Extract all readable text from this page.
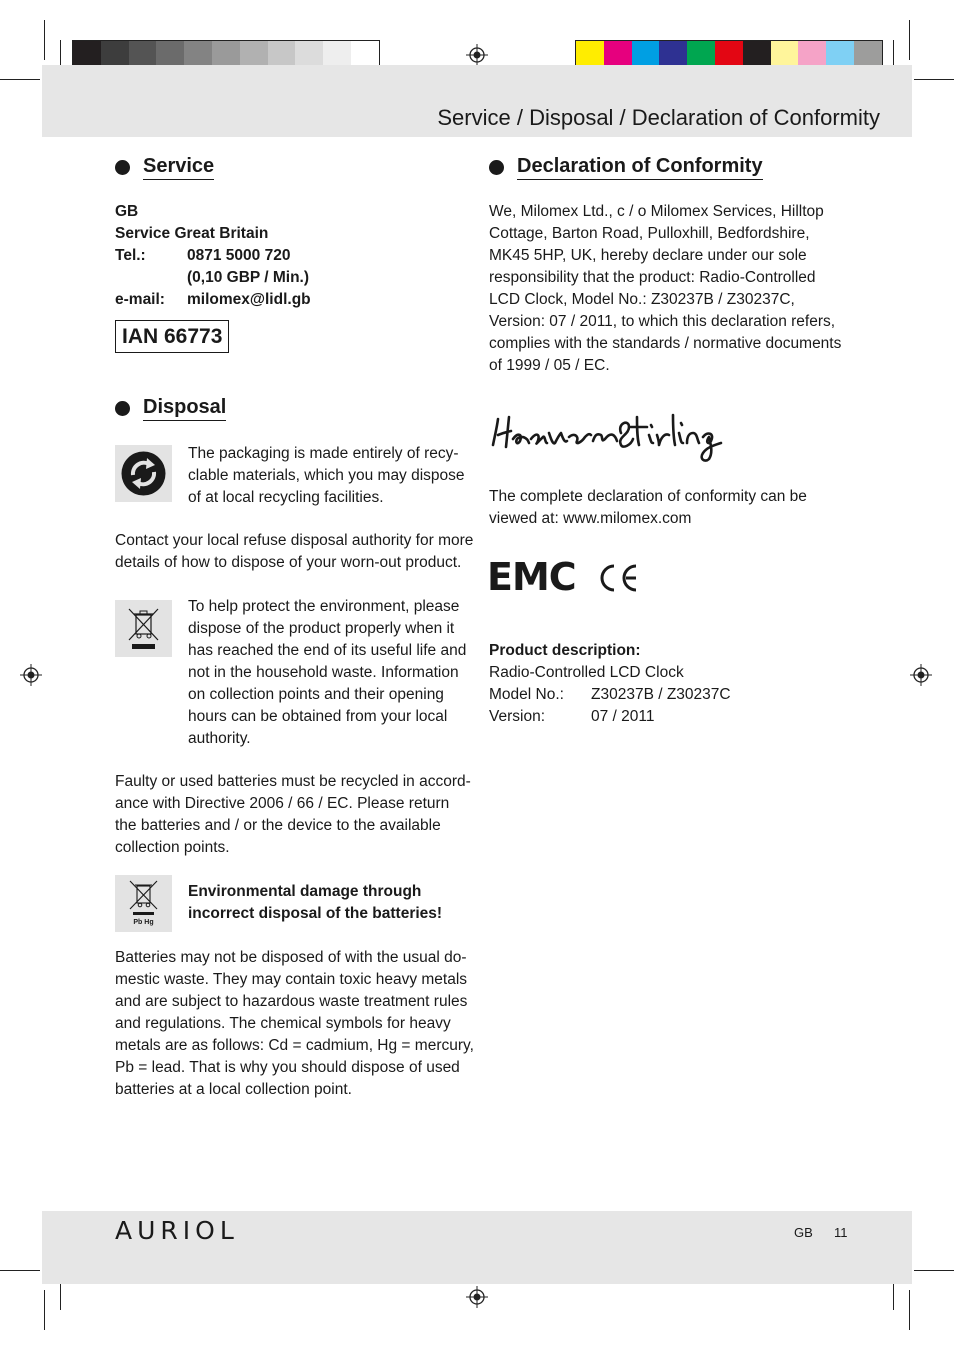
Service / Disposal / Declaration of Conformity
Service
GB
Service Great Britain
Tel.:	0871 5000 720
(0,10 GBP / Min.)
e-mail:	milomex@lidl.gb
IAN 66773
Disposal
The packaging is made entirely of recy-
clable materials, which you may dispose
of at local recycling facilities.
Contact your local refuse disposal authority for more
details of how to dispose of your worn-out product.
To help protect the environment, please
dispose of the product properly when it
has reached the end of its useful life and
not in the household waste. Information
on collection points and their opening
hours can be obtained from your local
authority.
Faulty or used batteries must be recycled in accord-
ance with Directive 2006 / 66 / EC. Please return
the batteries and / or the device to the available
collection points.
Pb Hg
Environmental damage through
incorrect disposal of the batteries!
Batteries may not be disposed of with the usual do-
mestic waste. They may contain toxic heavy metals
and are subject to hazardous waste treatment rules
and regulations. The chemical symbols for heavy
metals are as follows: Cd = cadmium, Hg = mercury,
Pb = lead. That is why you should dispose of used
batteries at a local collection point.
Declaration of Conformity
We, Milomex Ltd., c / o Milomex Services, Hilltop
Cottage, Barton Road, Pulloxhill, Bedfordshire,
MK45 5HP, UK, hereby declare under our sole
responsibility that the product: Radio-Controlled
LCD Clock, Model No.: Z30237B / Z30237C,
Version: 07 / 2011, to which this declaration refers,
complies with the standards / normative documents
of 1999 / 05 / EC.
The complete declaration of conformity can be
viewed at: www.milomex.com
EMC
Product description:
Radio-Controlled LCD Clock
Model No.:	Z30237B / Z30237C
Version:	07 / 2011
AURIOL	GB 11
